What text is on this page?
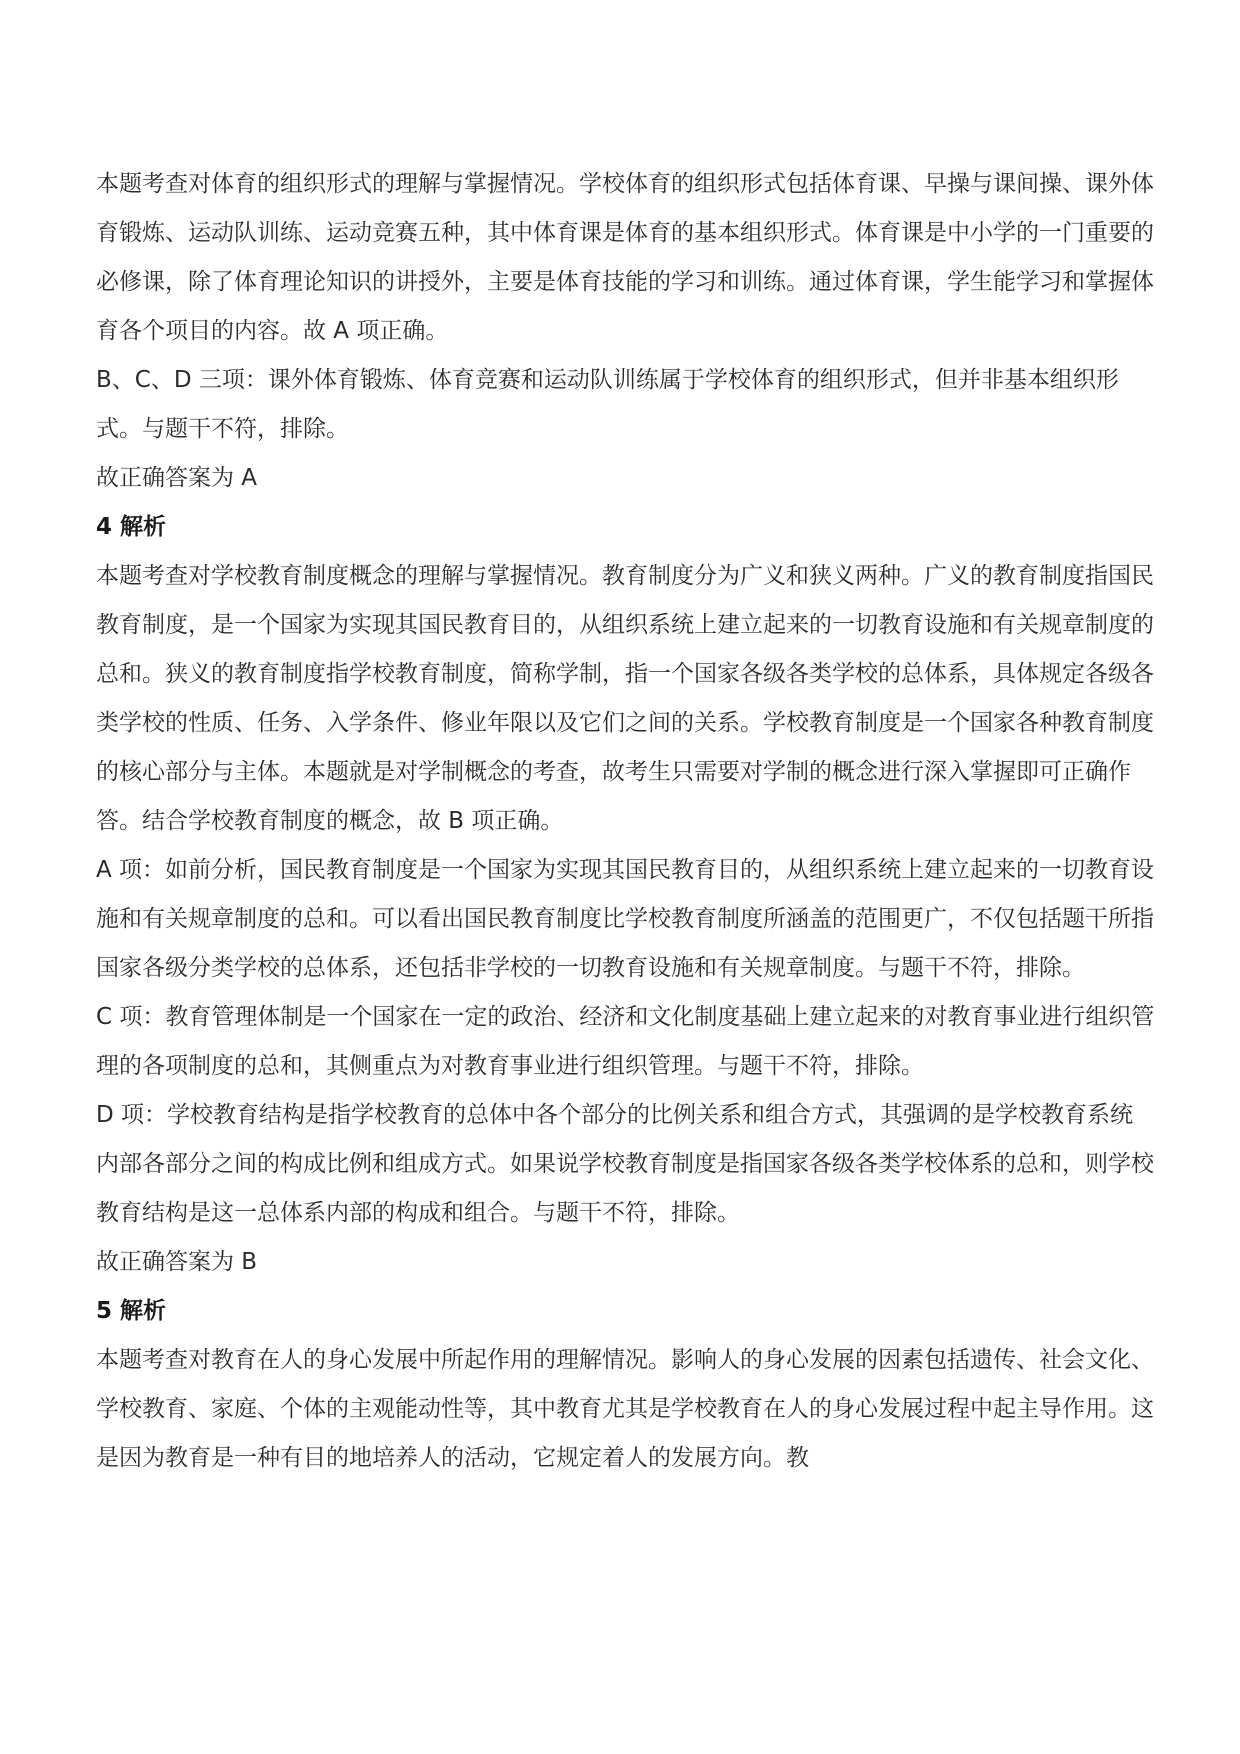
本题考查对体育的组织形式的理解与掌握情况。学校体育的组织形式包括体育课、早操与课间操、课外体育锻炼、运动队训练、运动竞赛五种，其中体育课是体育的基本组织形式。体育课是中小学的一门重要的必修课，除了体育理论知识的讲授外，主要是体育技能的学习和训练。通过体育课，学生能学习和掌握体育各个项目的内容。故 A 项正确。

B、C、D 三项：课外体育锻炼、体育竞赛和运动队训练属于学校体育的组织形式，但并非基本组织形式。与题干不符，排除。

故正确答案为 A

4 解析

本题考查对学校教育制度概念的理解与掌握情况。教育制度分为广义和狭义两种。广义的教育制度指国民教育制度，是一个国家为实现其国民教育目的，从组织系统上建立起来的一切教育设施和有关规章制度的总和。狭义的教育制度指学校教育制度，简称学制，指一个国家各级各类学校的总体系，具体规定各级各类学校的性质、任务、入学条件、修业年限以及它们之间的关系。学校教育制度是一个国家各种教育制度的核心部分与主体。本题就是对学制概念的考查，故考生只需要对学制的概念进行深入掌握即可正确作答。结合学校教育制度的概念，故 B 项正确。

A 项：如前分析，国民教育制度是一个国家为实现其国民教育目的，从组织系统上建立起来的一切教育设施和有关规章制度的总和。可以看出国民教育制度比学校教育制度所涵盖的范围更广，不仅包括题干所指国家各级分类学校的总体系，还包括非学校的一切教育设施和有关规章制度。与题干不符，排除。

C 项：教育管理体制是一个国家在一定的政治、经济和文化制度基础上建立起来的对教育事业进行组织管理的各项制度的总和，其侧重点为对教育事业进行组织管理。与题干不符，排除。

D 项：学校教育结构是指学校教育的总体中各个部分的比例关系和组合方式，其强调的是学校教育系统内部各部分之间的构成比例和组成方式。如果说学校教育制度是指国家各级各类学校体系的总和，则学校教育结构是这一总体系内部的构成和组合。与题干不符，排除。

故正确答案为 B

5 解析

本题考查对教育在人的身心发展中所起作用的理解情况。影响人的身心发展的因素包括遗传、社会文化、学校教育、家庭、个体的主观能动性等，其中教育尤其是学校教育在人的身心发展过程中起主导作用。这是因为教育是一种有目的地培养人的活动，它规定着人的发展方向。教
